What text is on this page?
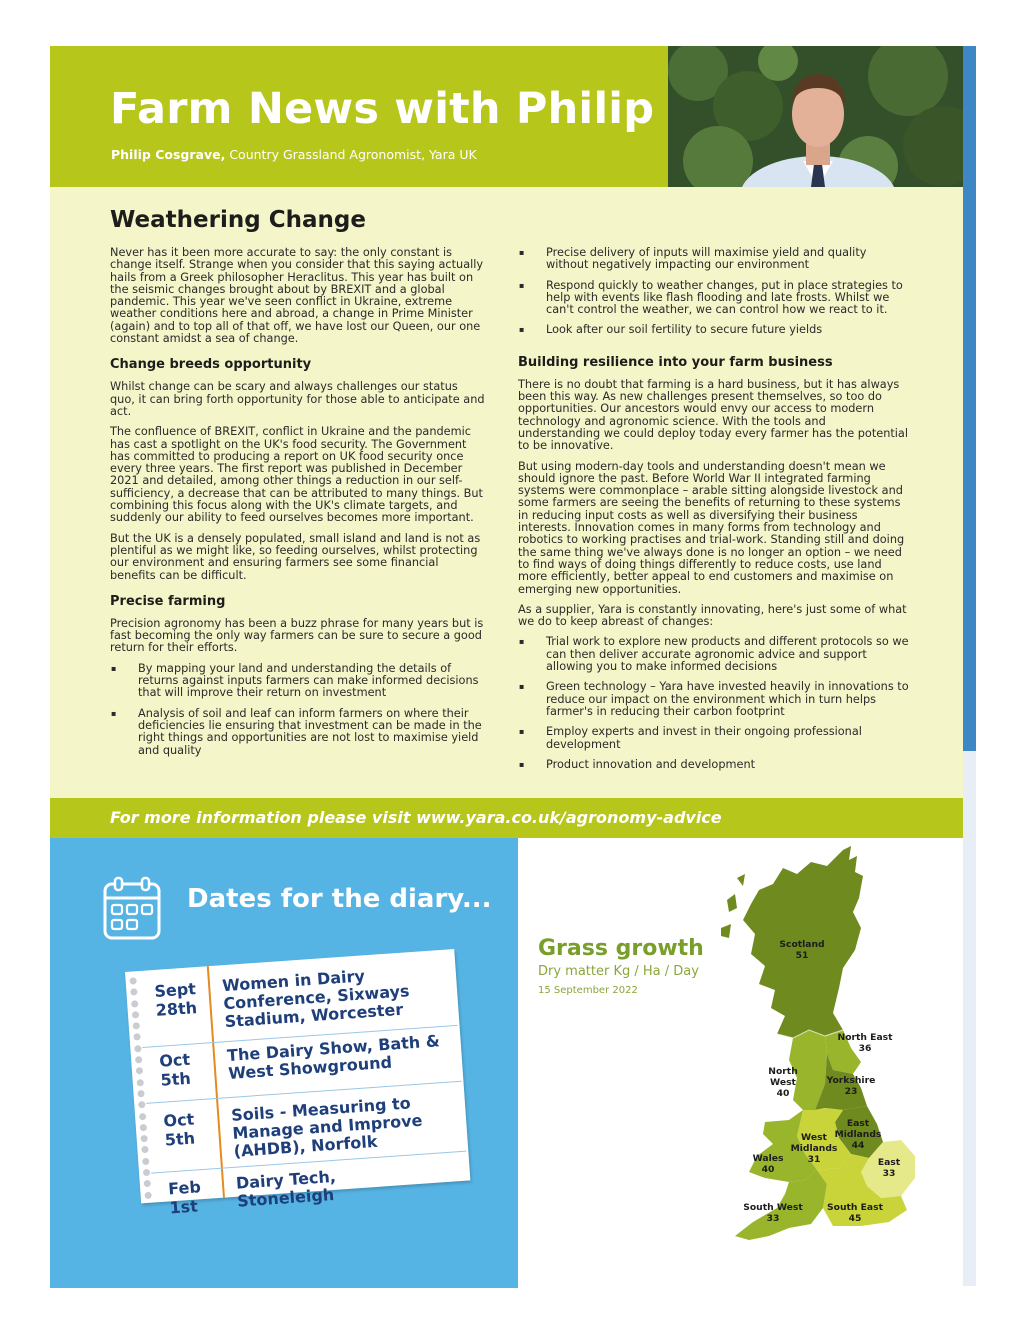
Farm News with Philip
Philip Cosgrave, Country Grassland Agronomist, Yara UK
Weathering Change

Never has it been more accurate to say: the only constant is change itself. Strange when you consider that this saying actually hails from a Greek philosopher Heraclitus. This year has built on the seismic changes brought about by BREXIT and a global pandemic. This year we've seen conflict in Ukraine, extreme weather conditions here and abroad, a change in Prime Minister (again) and to top all of that off, we have lost our Queen, our one constant amidst a sea of change.

Change breeds opportunity

Whilst change can be scary and always challenges our status quo, it can bring forth opportunity for those able to anticipate and act.

The confluence of BREXIT, conflict in Ukraine and the pandemic has cast a spotlight on the UK's food security. The Government has committed to producing a report on UK food security once every three years. The first report was published in December 2021 and detailed, among other things a reduction in our self-sufficiency, a decrease that can be attributed to many things. But combining this focus along with the UK's climate targets, and suddenly our ability to feed ourselves becomes more important.

But the UK is a densely populated, small island and land is not as plentiful as we might like, so feeding ourselves, whilst protecting our environment and ensuring farmers see some financial benefits can be difficult.

Precise farming

Precision agronomy has been a buzz phrase for many years but is fast becoming the only way farmers can be sure to secure a good return for their efforts.

▪ By mapping your land and understanding the details of returns against inputs farmers can make informed decisions that will improve their return on investment
▪ Analysis of soil and leaf can inform farmers on where their deficiencies lie ensuring that investment can be made in the right things and opportunities are not lost to maximise yield and quality
▪ Precise delivery of inputs will maximise yield and quality without negatively impacting our environment
▪ Respond quickly to weather changes, put in place strategies to help with events like flash flooding and late frosts. Whilst we can't control the weather, we can control how we react to it.
▪ Look after our soil fertility to secure future yields
Building resilience into your farm business

There is no doubt that farming is a hard business, but it has always been this way. As new challenges present themselves, so too do opportunities. Our ancestors would envy our access to modern technology and agronomic science. With the tools and understanding we could deploy today every farmer has the potential to be innovative.

But using modern-day tools and understanding doesn't mean we should ignore the past. Before World War II integrated farming systems were commonplace – arable sitting alongside livestock and some farmers are seeing the benefits of returning to these systems in reducing input costs as well as diversifying their business interests. Innovation comes in many forms from technology and robotics to working practises and trial-work. Standing still and doing the same thing we've always done is no longer an option – we need to find ways of doing things differently to reduce costs, use land more efficiently, better appeal to end customers and maximise on emerging new opportunities.

As a supplier, Yara is constantly innovating, here's just some of what we do to keep abreast of changes:

▪ Trial work to explore new products and different protocols so we can then deliver accurate agronomic advice and support allowing you to make informed decisions
▪ Green technology – Yara have invested heavily in innovations to reduce our impact on the environment which in turn helps farmer's in reducing their carbon footprint
▪ Employ experts and invest in their ongoing professional development
▪ Product innovation and development
For more information please visit www.yara.co.uk/agronomy-advice
Dates for the diary...
Sept
28th
Women in Dairy Conference, Sixways Stadium, Worcester
Oct
5th
The Dairy Show, Bath & West Showground
Oct
5th
Soils - Measuring to Manage and Improve (AHDB), Norfolk
Feb
1st
Dairy Tech, Stoneleigh
Grass growth
Dry matter Kg / Ha / Day
15 September 2022
Scotland
51
North East
36
North West
40
Yorkshire
23
East Midlands
44
West Midlands
31
Wales
40
East
33
South West
33
South East
45
